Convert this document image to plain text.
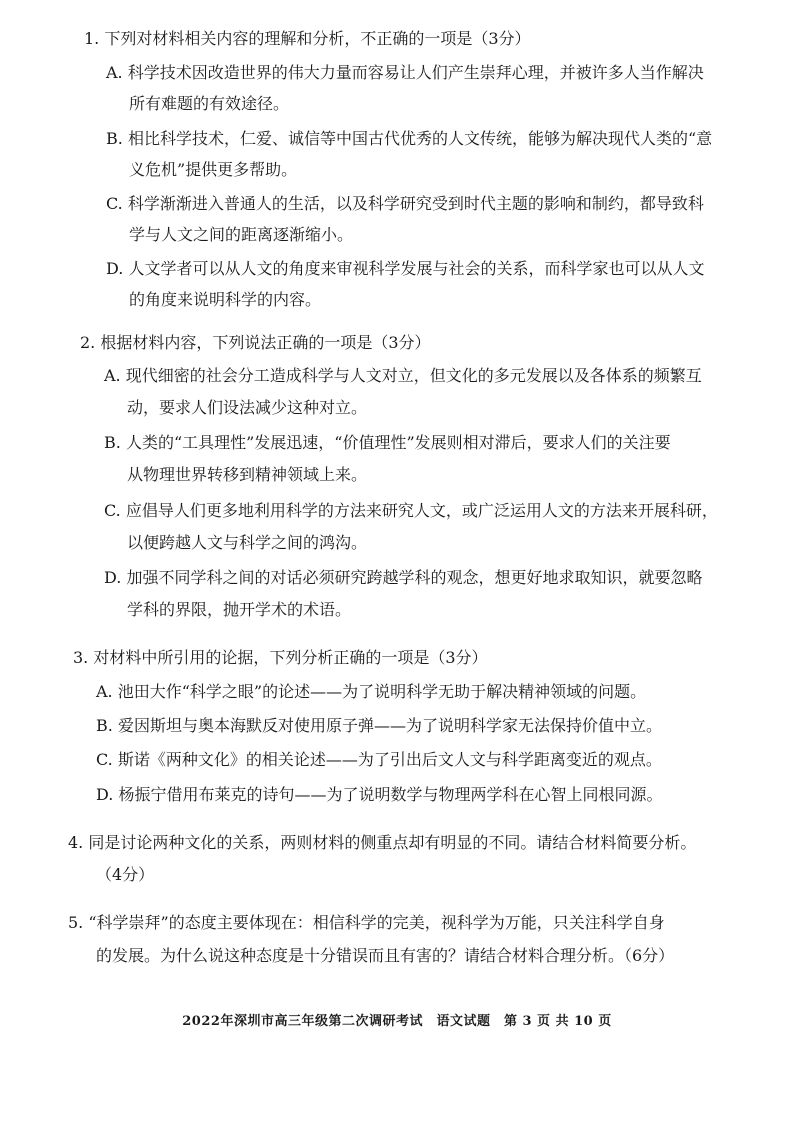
1. 下列对材料相关内容的理解和分析，不正确的一项是（3分）
A. 科学技术因改造世界的伟大力量而容易让人们产生崇拜心理，并被许多人当作解决
所有难题的有效途径。
B. 相比科学技术，仁爱、诚信等中国古代优秀的人文传统，能够为解决现代人类的“意
义危机”提供更多帮助。
C. 科学渐渐进入普通人的生活，以及科学研究受到时代主题的影响和制约，都导致科
学与人文之间的距离逐渐缩小。
D. 人文学者可以从人文的角度来审视科学发展与社会的关系，而科学家也可以从人文
的角度来说明科学的内容。
2. 根据材料内容，下列说法正确的一项是（3分）
A. 现代细密的社会分工造成科学与人文对立，但文化的多元发展以及各体系的频繁互
动，要求人们设法减少这种对立。
B. 人类的“工具理性”发展迅速，“价值理性”发展则相对滞后，要求人们的关注要
从物理世界转移到精神领域上来。
C. 应倡导人们更多地利用科学的方法来研究人文，或广泛运用人文的方法来开展科研，
以便跨越人文与科学之间的鸿沟。
D. 加强不同学科之间的对话必须研究跨越学科的观念，想更好地求取知识，就要忽略
学科的界限，抛开学术的术语。
3. 对材料中所引用的论据，下列分析正确的一项是（3分）
A. 池田大作“科学之眼”的论述——为了说明科学无助于解决精神领域的问题。
B. 爱因斯坦与奥本海默反对使用原子弹——为了说明科学家无法保持价值中立。
C. 斯诺《两种文化》的相关论述——为了引出后文人文与科学距离变近的观点。
D. 杨振宁借用布莱克的诗句——为了说明数学与物理两学科在心智上同根同源。
4. 同是讨论两种文化的关系，两则材料的侧重点却有明显的不同。请结合材料简要分析。
（4分）
5. “科学崇拜”的态度主要体现在：相信科学的完美，视科学为万能，只关注科学自身
的发展。为什么说这种态度是十分错误而且有害的？请结合材料合理分析。（6分）
2022年深圳市高三年级第二次调研考试　语文试题　第 3 页 共 10 页
